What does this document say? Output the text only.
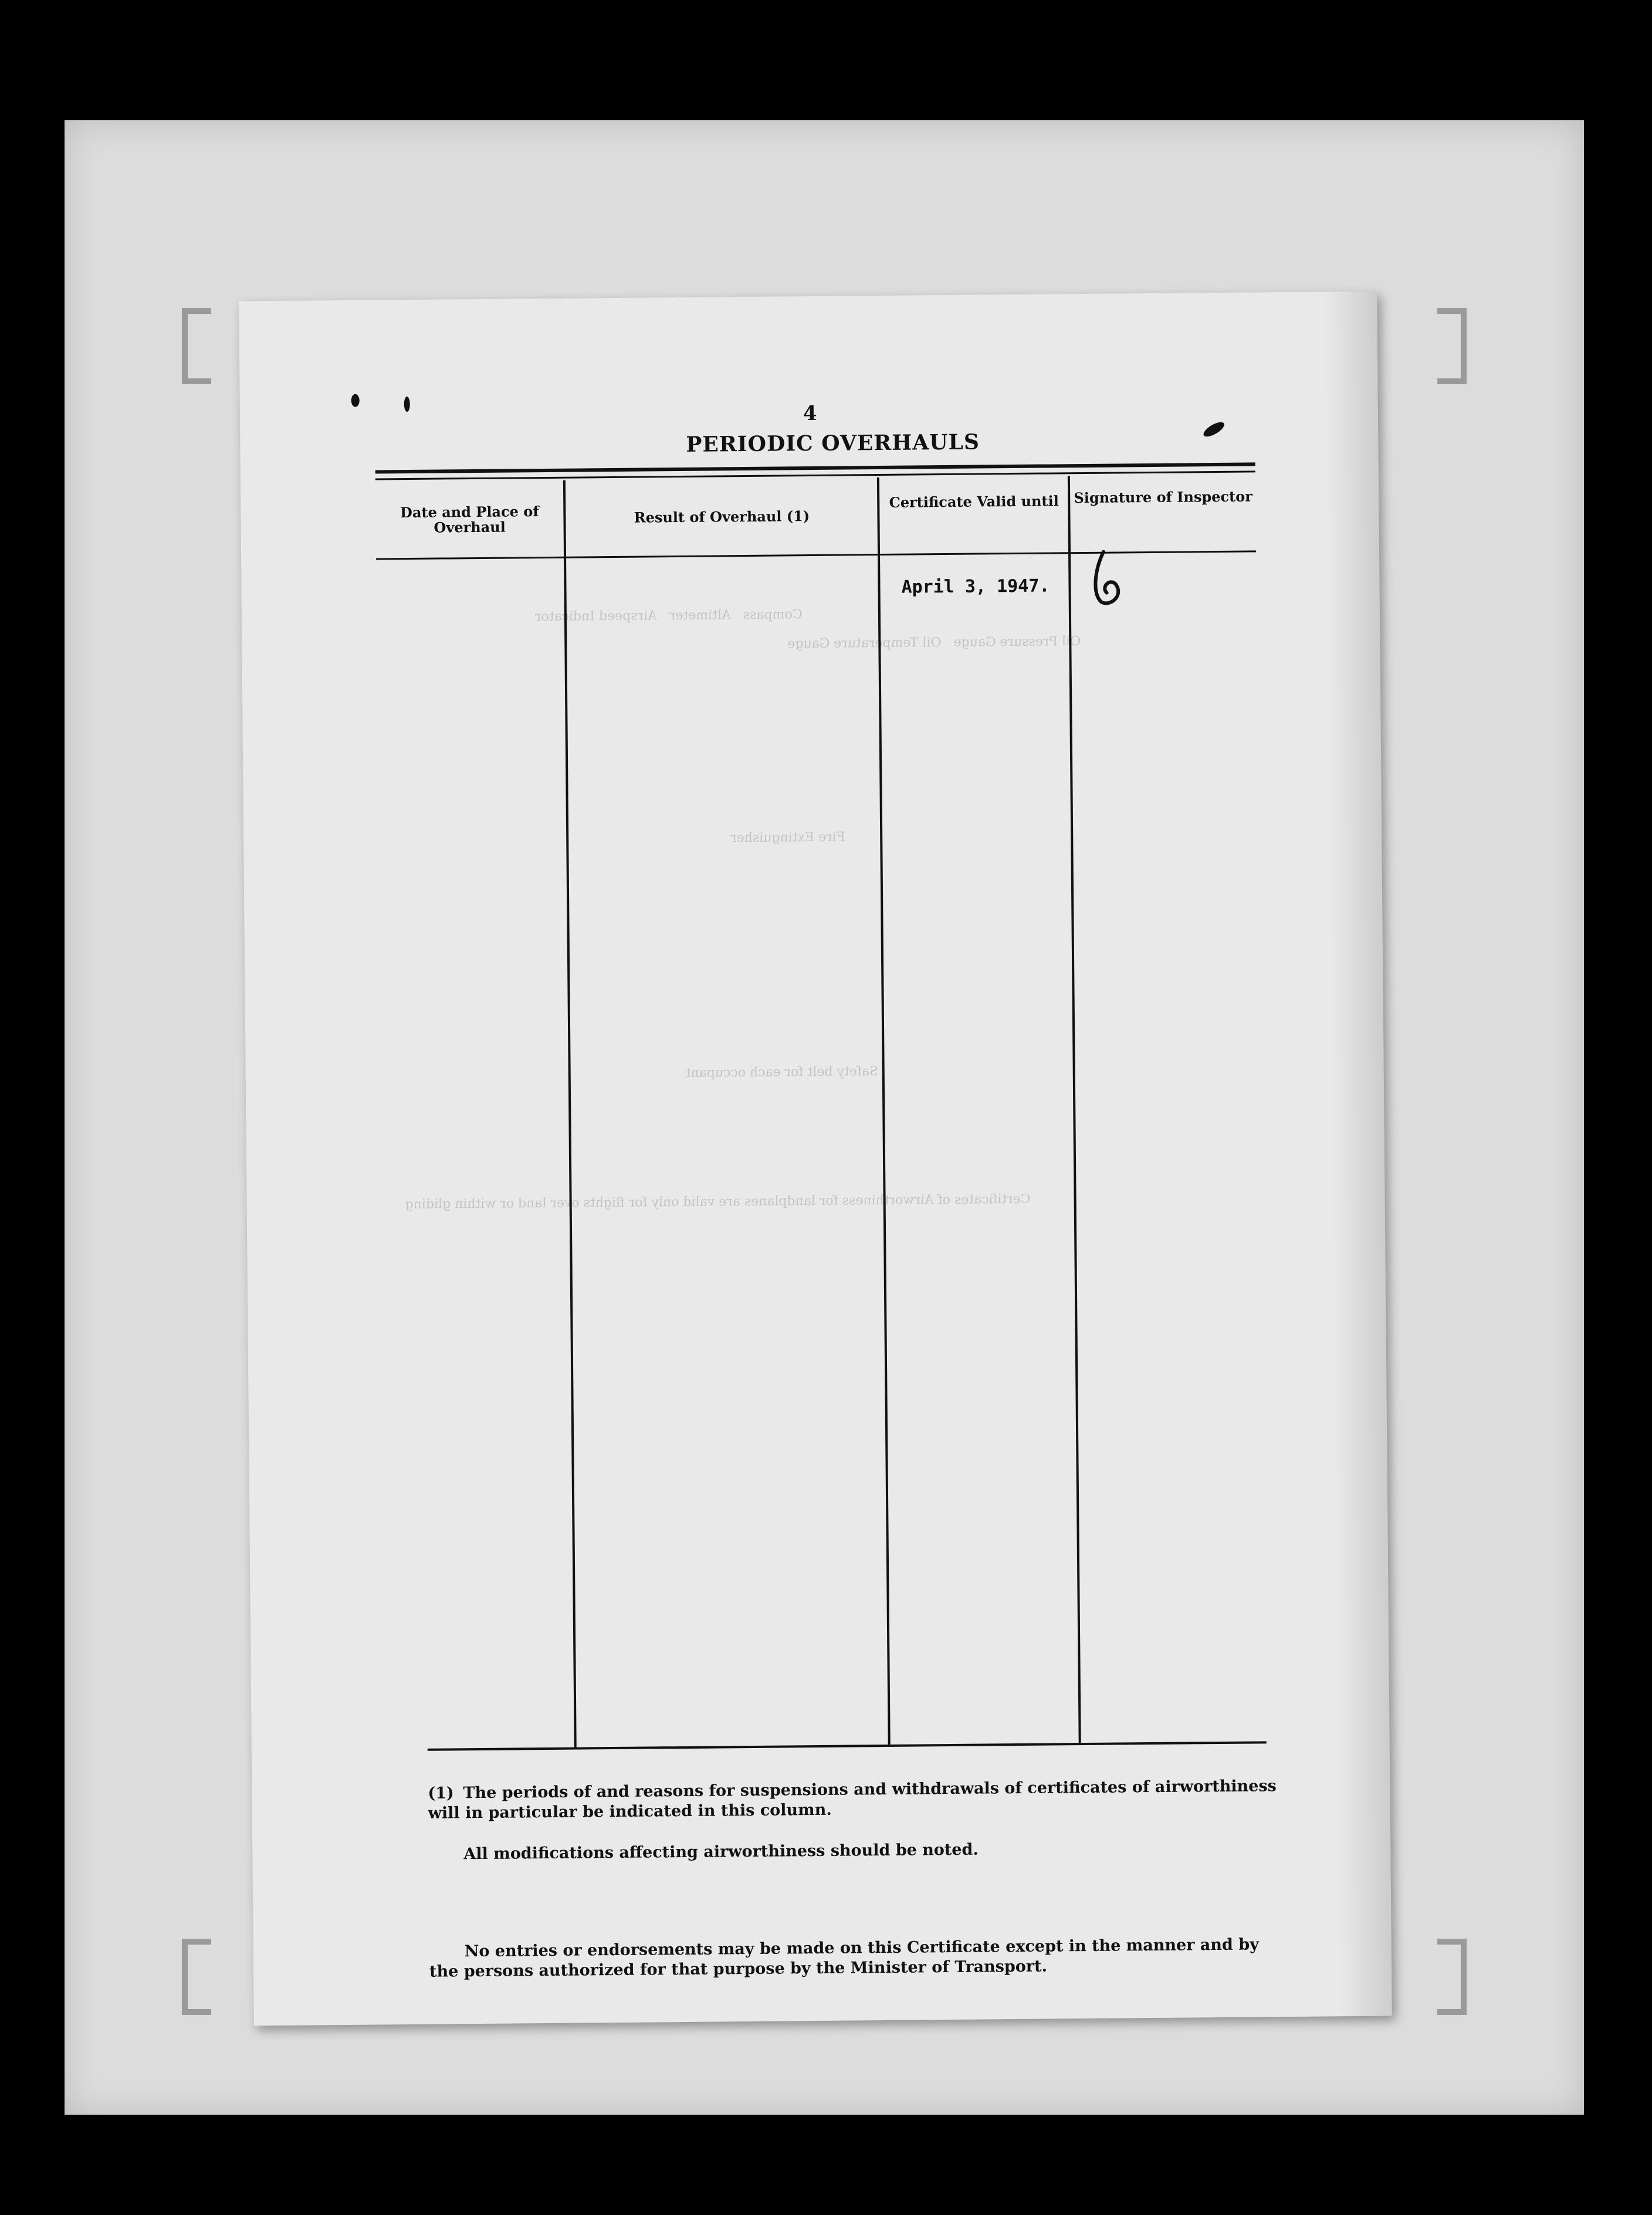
4
PERIODIC OVERHAULS
Date and Place of Overhaul
Result of Overhaul (1)
Certificate Valid until	Signature of Inspector
April 3, 1947.
Compass   Altimeter   Airspeed Indicator
Oil Pressure Gauge   Oil Temperature Gauge
Fire Extinguisher
Safety belt for each occupant
Certificates of Airworthiness for landplanes are valid only for flights over land or within gliding
(1) The periods of and reasons for suspensions and withdrawals of certificates of airworthiness will in particular be indicated in this column.
All modifications affecting airworthiness should be noted.
No entries or endorsements may be made on this Certificate except in the manner and by the persons authorized for that purpose by the Minister of Transport.
